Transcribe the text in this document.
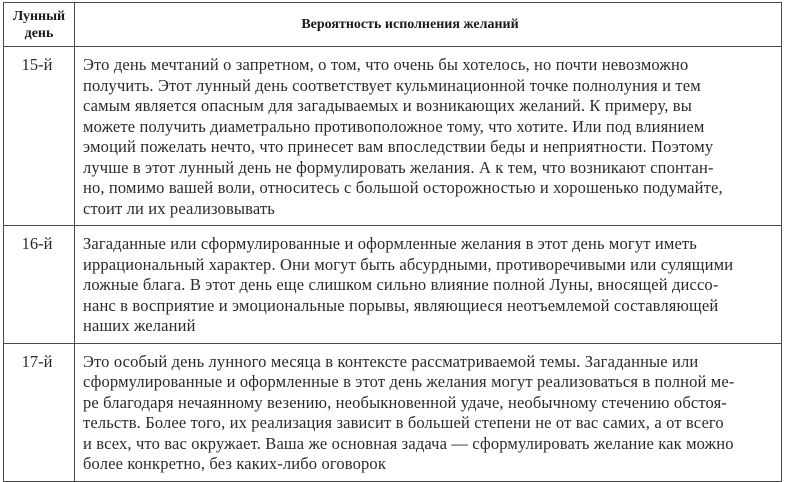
Лунный
день	Вероятность исполнения желаний
15-й	Это день мечтаний о запретном, о том, что очень бы хотелось, но почти невозможно
получить. Этот лунный день соответствует кульминационной точке полнолуния и тем
самым является опасным для загадываемых и возникающих желаний. К примеру, вы
можете получить диаметрально противоположное тому, что хотите. Или под влиянием
эмоций пожелать нечто, что принесет вам впоследствии беды и неприятности. Поэтому
лучше в этот лунный день не формулировать желания. А к тем, что возникают спонтан-
но, помимо вашей воли, относитесь с большой осторожностью и хорошенько подумайте,
стоит ли их реализовывать

16-й	Загаданные или сформулированные и оформленные желания в этот день могут иметь
иррациональный характер. Они могут быть абсурдными, противоречивыми или сулящими
ложные блага. В этот день еще слишком сильно влияние полной Луны, вносящей диссо-
нанс в восприятие и эмоциональные порывы, являющиеся неотъемлемой составляющей
наших желаний

17-й	Это особый день лунного месяца в контексте рассматриваемой темы. Загаданные или
сформулированные и оформленные в этот день желания могут реализоваться в полной ме-
ре благодаря нечаянному везению, необыкновенной удаче, необычному стечению обстоя-
тельств. Более того, их реализация зависит в большей степени не от вас самих, а от всего
и всех, что вас окружает. Ваша же основная задача — сформулировать желание как можно
более конкретно, без каких-либо оговорок
